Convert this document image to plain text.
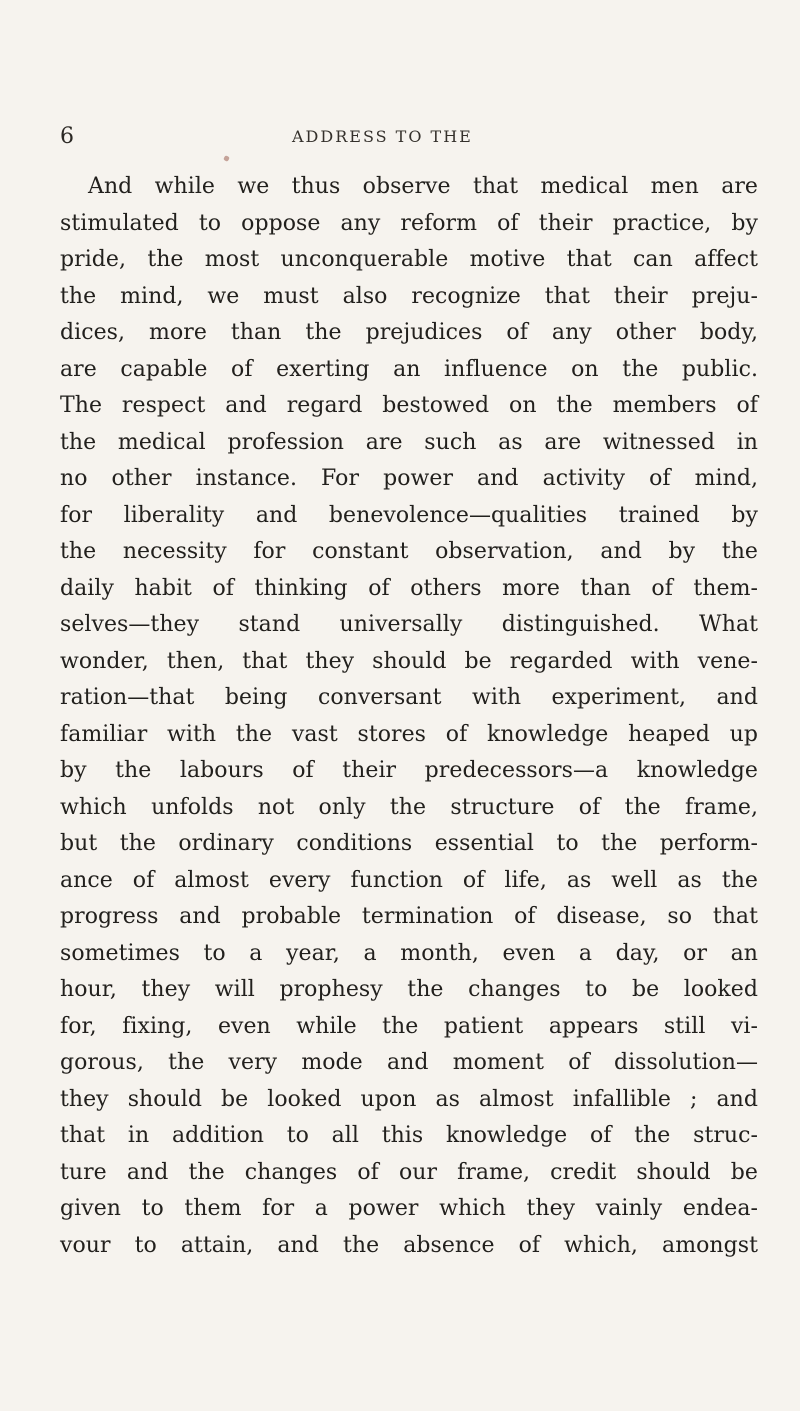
6	ADDRESS TO THE
And while we thus observe that medical men are
stimulated to oppose any reform of their practice, by
pride, the most unconquerable motive that can affect
the mind, we must also recognize that their preju-
dices, more than the prejudices of any other body,
are capable of exerting an influence on the public.
The respect and regard bestowed on the members of
the medical profession are such as are witnessed in
no other instance. For power and activity of mind,
for liberality and benevolence—qualities trained by
the necessity for constant observation, and by the
daily habit of thinking of others more than of them-
selves—they stand universally distinguished. What
wonder, then, that they should be regarded with vene-
ration—that being conversant with experiment, and
familiar with the vast stores of knowledge heaped up
by the labours of their predecessors—a knowledge
which unfolds not only the structure of the frame,
but the ordinary conditions essential to the perform-
ance of almost every function of life, as well as the
progress and probable termination of disease, so that
sometimes to a year, a month, even a day, or an
hour, they will prophesy the changes to be looked
for, fixing, even while the patient appears still vi-
gorous, the very mode and moment of dissolution—
they should be looked upon as almost infallible ; and
that in addition to all this knowledge of the struc-
ture and the changes of our frame, credit should be
given to them for a power which they vainly endea-
vour to attain, and the absence of which, amongst
